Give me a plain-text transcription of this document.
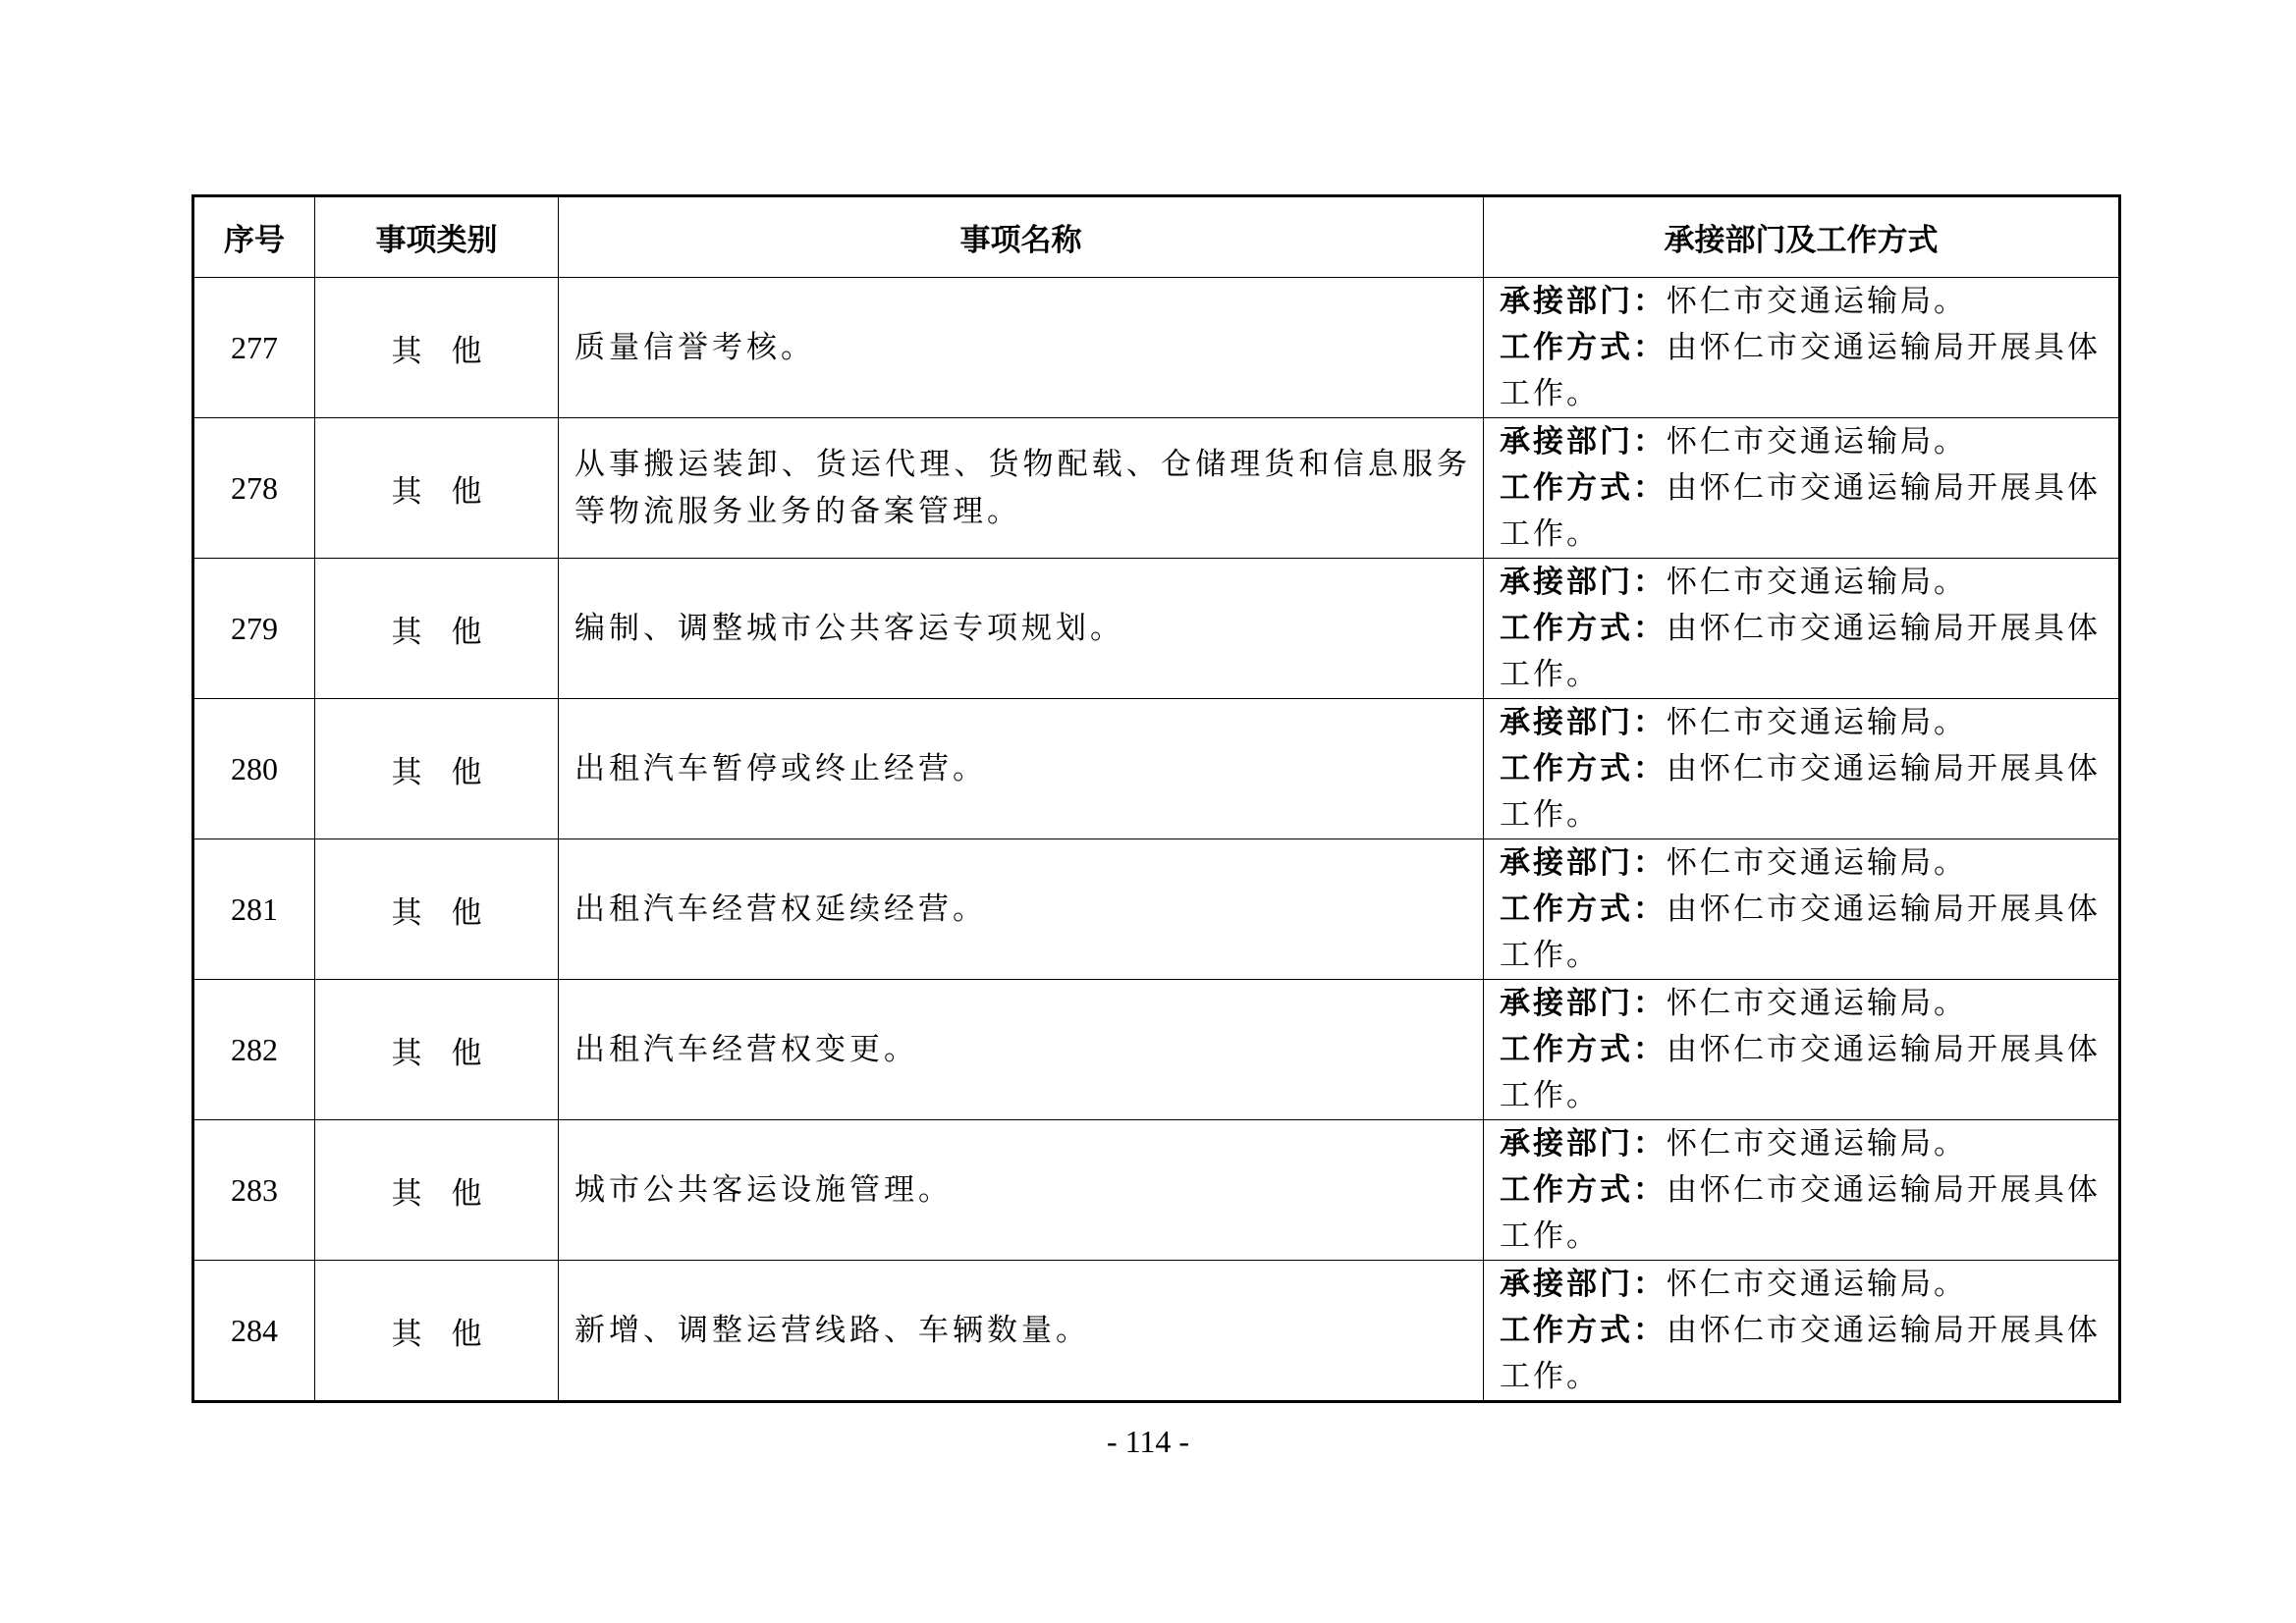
序号	事项类别	事项名称	承接部门及工作方式
277	其他	质量信誉考核。	承接部门：怀仁市交通运输局。
工作方式：由怀仁市交通运输局开展具体工作。

278	其他	从事搬运装卸、货运代理、货物配载、仓储理货和信息服务等物流服务业务的备案管理。	承接部门：怀仁市交通运输局。
工作方式：由怀仁市交通运输局开展具体工作。

279	其他	编制、调整城市公共客运专项规划。	承接部门：怀仁市交通运输局。
工作方式：由怀仁市交通运输局开展具体工作。

280	其他	出租汽车暂停或终止经营。	承接部门：怀仁市交通运输局。
工作方式：由怀仁市交通运输局开展具体工作。

281	其他	出租汽车经营权延续经营。	承接部门：怀仁市交通运输局。
工作方式：由怀仁市交通运输局开展具体工作。

282	其他	出租汽车经营权变更。	承接部门：怀仁市交通运输局。
工作方式：由怀仁市交通运输局开展具体工作。

283	其他	城市公共客运设施管理。	承接部门：怀仁市交通运输局。
工作方式：由怀仁市交通运输局开展具体工作。

284	其他	新增、调整运营线路、车辆数量。	承接部门：怀仁市交通运输局。
工作方式：由怀仁市交通运输局开展具体工作。
- 114 -
